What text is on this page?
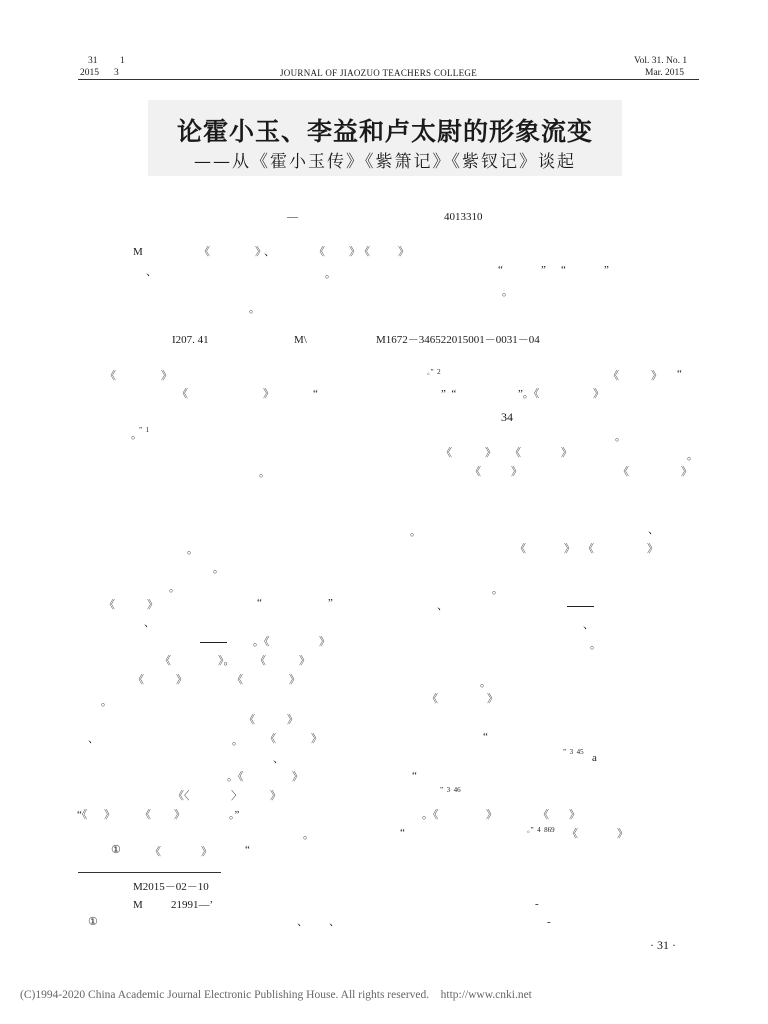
31 1
2015 3	JOURNAL OF JIAOZUO TEACHERS COLLEGE
Vol. 31. No. 1
Mar. 2015
论霍小玉、李益和卢太尉的形象流变
——从《霍小玉传》《紫箫记》《紫钗记》谈起
—	4013310
M	《	》
、	《 》 《	》
、	。	“	” “	”
。
。
I207. 41	M\	M1672－346522015001－0031－04
《	》
《	》	“
。
”  1
。
。
。
。
《	》	“	”
、
。《	》
《	》。 《	》
《	》	《	》
。
《	》
、	。 《	》
、
。《	》
《〈	〉	》
“《 》 《 》	。”
①	《	》	“
。”  2	《	》 “
”  “	”。《	》
34
。
《	》 《	》	。
《	》	《	》
。	、
《	》 《	》
。
、
、
。
。
《	》
“
”  3  45 a
“
”  3  46
。《	》	《 》
。	“	。”  4  869 《	》
M2015－02－10
M	21991—’	-
①	、 、	-
· 31 ·
(C)1994-2020 China Academic Journal Electronic Publishing House. All rights reserved.    http://www.cnki.net
